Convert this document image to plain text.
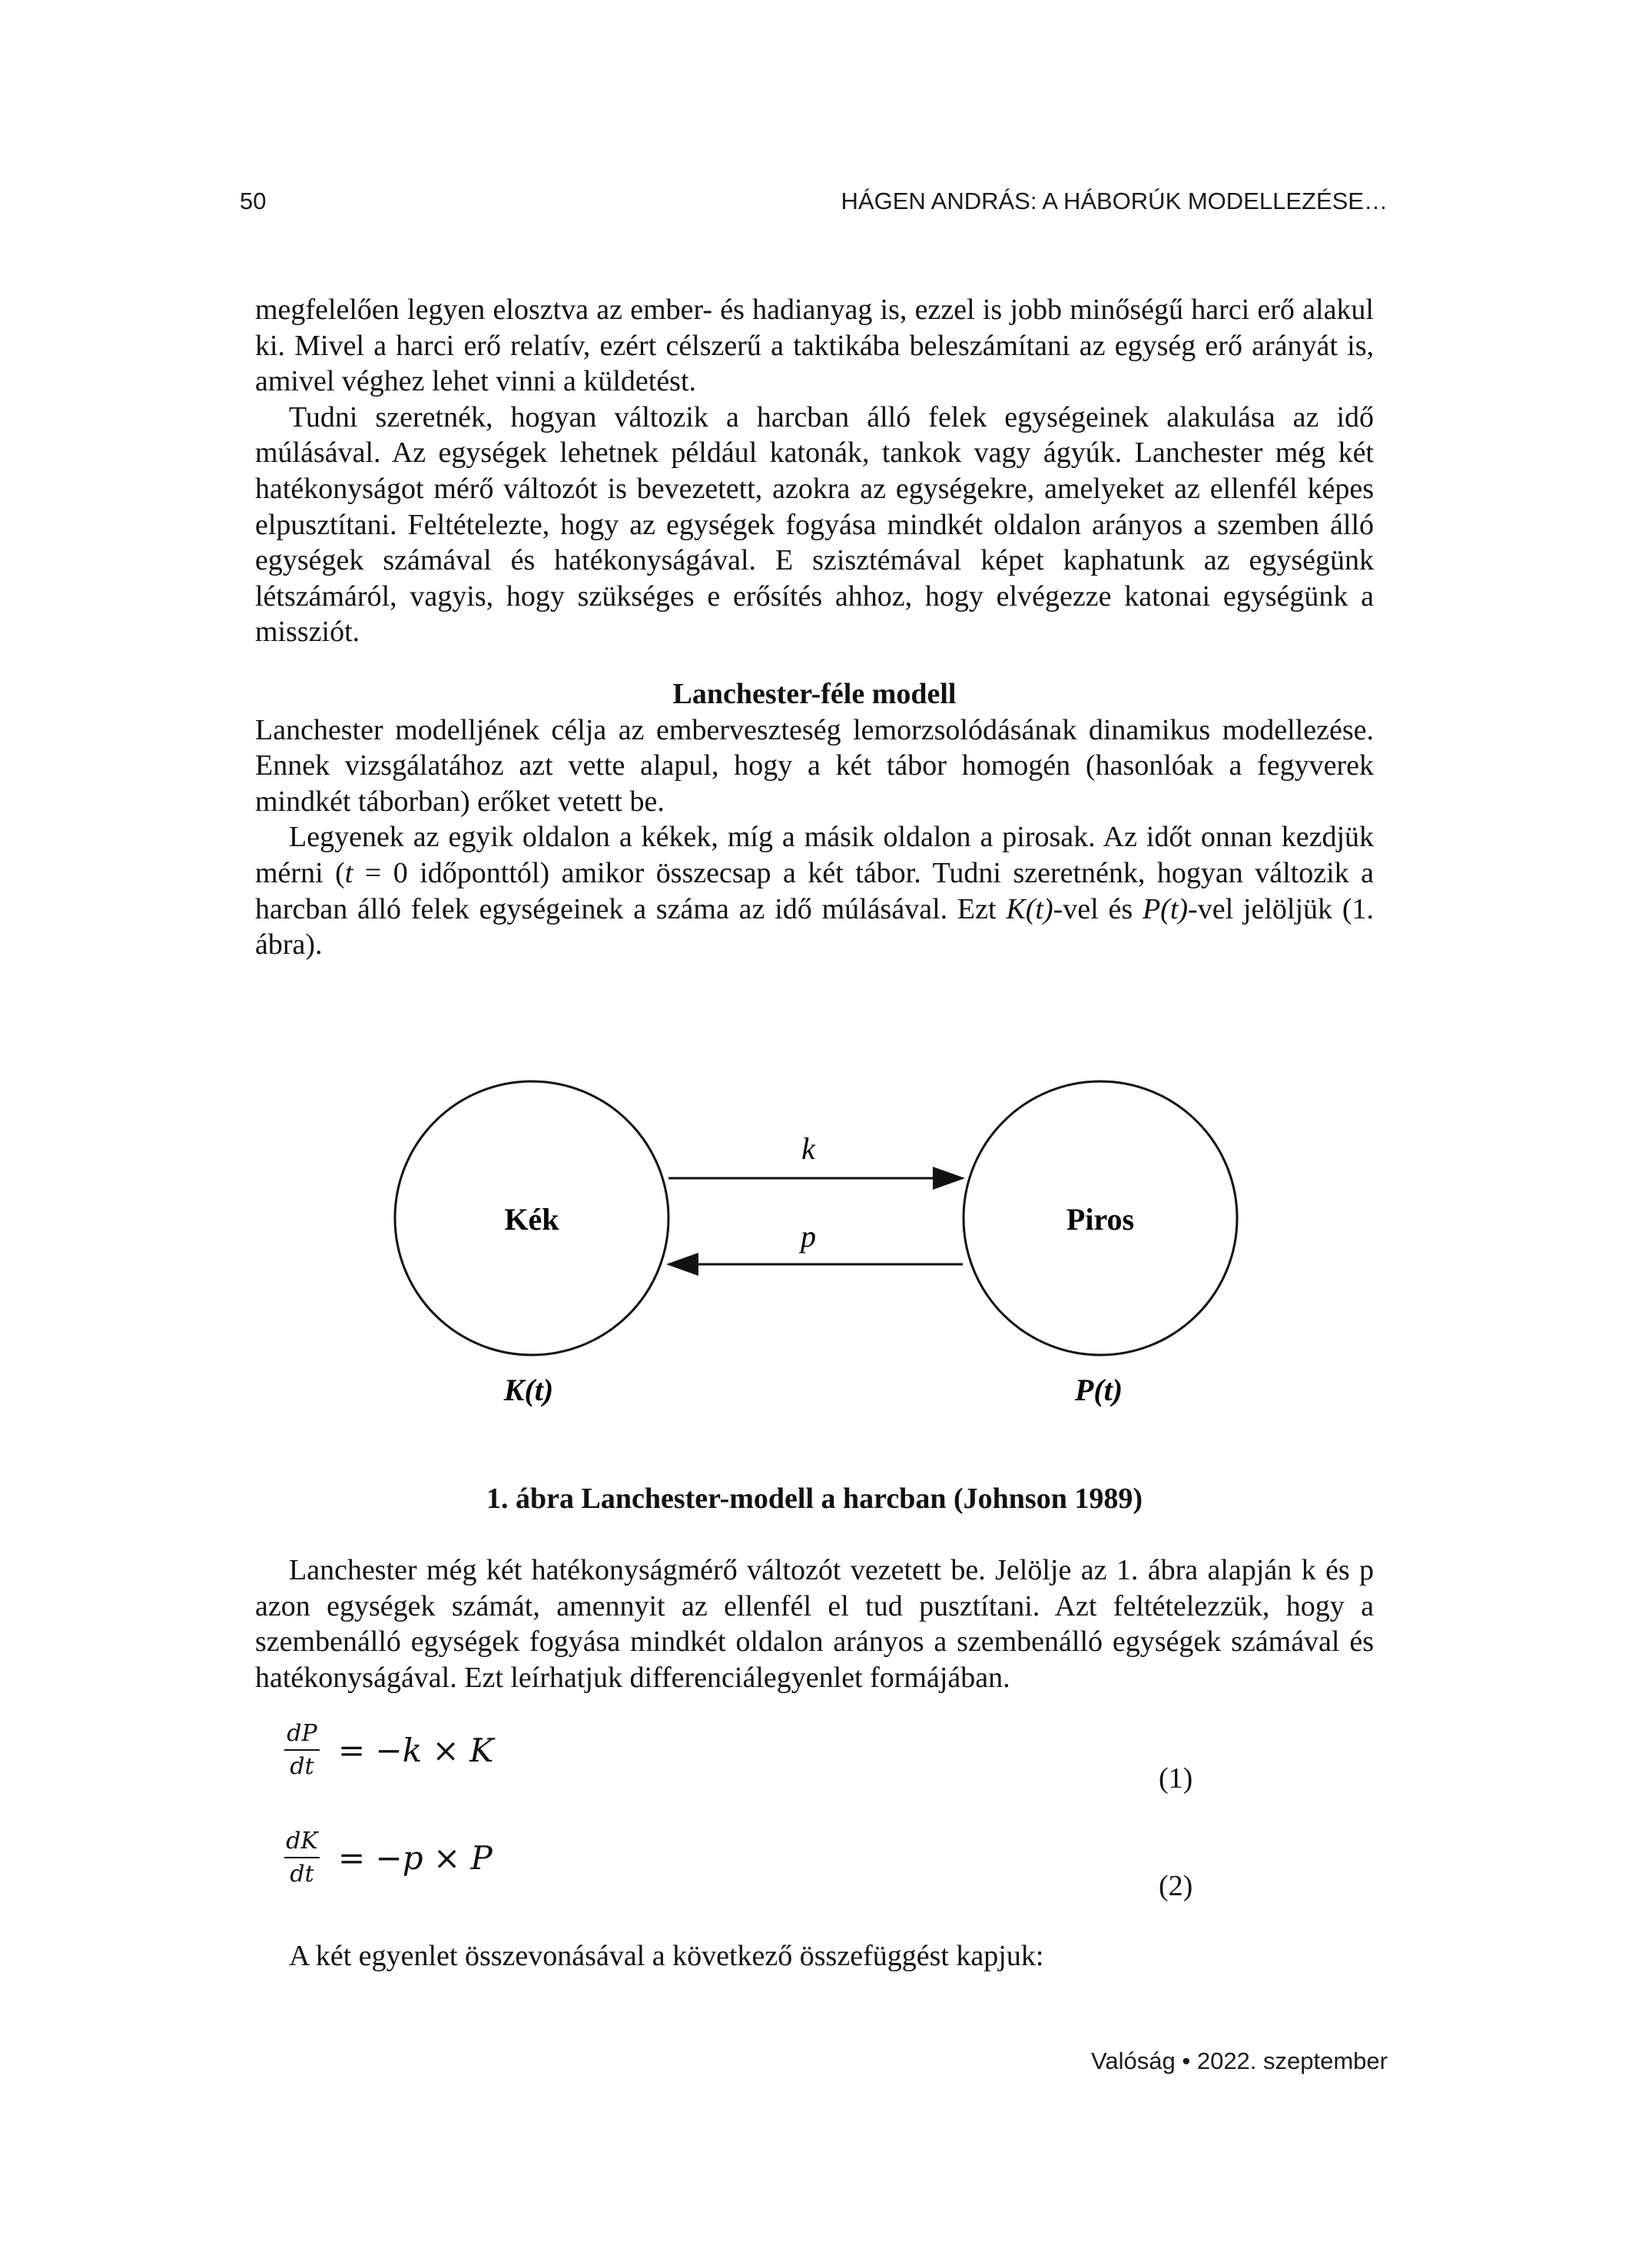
50	HÁGEN ANDRÁS: A HÁBORÚK MODELLEZÉSE…

megfelelően legyen elosztva az ember- és hadianyag is, ezzel is jobb minőségű harci erő alakul ki. Mivel a harci erő relatív, ezért célszerű a taktikába beleszámítani az egység erő arányát is, amivel véghez lehet vinni a küldetést.

Tudni szeretnék, hogyan változik a harcban álló felek egységeinek alakulása az idő múlásával. Az egységek lehetnek például katonák, tankok vagy ágyúk. Lanchester még két hatékonyságot mérő változót is bevezetett, azokra az egységekre, amelyeket az ellenfél képes elpusztítani. Feltételezte, hogy az egységek fogyása mindkét oldalon arányos a szemben álló egységek számával és hatékonyságával. E szisztémával képet kaphatunk az egységünk létszámáról, vagyis, hogy szükséges e erősítés ahhoz, hogy elvégezze katonai egységünk a missziót.

Lanchester-féle modell

Lanchester modelljének célja az emberveszteség lemorzsolódásának dinamikus modellezése. Ennek vizsgálatához azt vette alapul, hogy a két tábor homogén (hasonlóak a fegyverek mindkét táborban) erőket vetett be.

Legyenek az egyik oldalon a kékek, míg a másik oldalon a pirosak. Az időt onnan kezdjük mérni (t = 0 időponttól) amikor összecsap a két tábor. Tudni szeretnénk, hogyan változik a harcban álló felek egységeinek a száma az idő múlásával. Ezt K(t)-vel és P(t)-vel jelöljük (1. ábra).

Kék	Piros
k
p
K(t)	P(t)
1. ábra Lanchester-modell a harcban (Johnson 1989)

Lanchester még két hatékonyságmérő változót vezetett be. Jelölje az 1. ábra alapján k és p azon egységek számát, amennyit az ellenfél el tud pusztítani. Azt feltételezzük, hogy a szembenálló egységek fogyása mindkét oldalon arányos a szembenálló egységek számával és hatékonyságával. Ezt leírhatjuk differenciálegyenlet formájában.

$\frac{dP}{dt} = -k \times K$
(1)
$\frac{dK}{dt} = -p \times P$
(2)

A két egyenlet összevonásával a következő összefüggést kapjuk:

Valóság • 2022. szeptember
